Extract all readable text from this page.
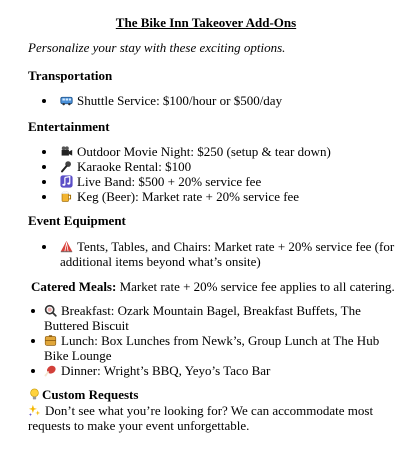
The Bike Inn Takeover Add-Ons
Personalize your stay with these exciting options.
Transportation
Shuttle Service: $100/hour or $500/day
Entertainment
Outdoor Movie Night: $250 (setup & tear down)
Karaoke Rental: $100
Live Band: $500 + 20% service fee
Keg (Beer): Market rate + 20% service fee
Event Equipment
Tents, Tables, and Chairs: Market rate + 20% service fee (for
additional items beyond what’s onsite)
Catered Meals: Market rate + 20% service fee applies to all catering.
Breakfast: Ozark Mountain Bagel, Breakfast Buffets, The
Buttered Biscuit
Lunch: Box Lunches from Newk’s, Group Lunch at The Hub
Bike Lounge
Dinner: Wright’s BBQ, Yeyo’s Taco Bar
Custom Requests
Don’t see what you’re looking for? We can accommodate most
requests to make your event unforgettable.
